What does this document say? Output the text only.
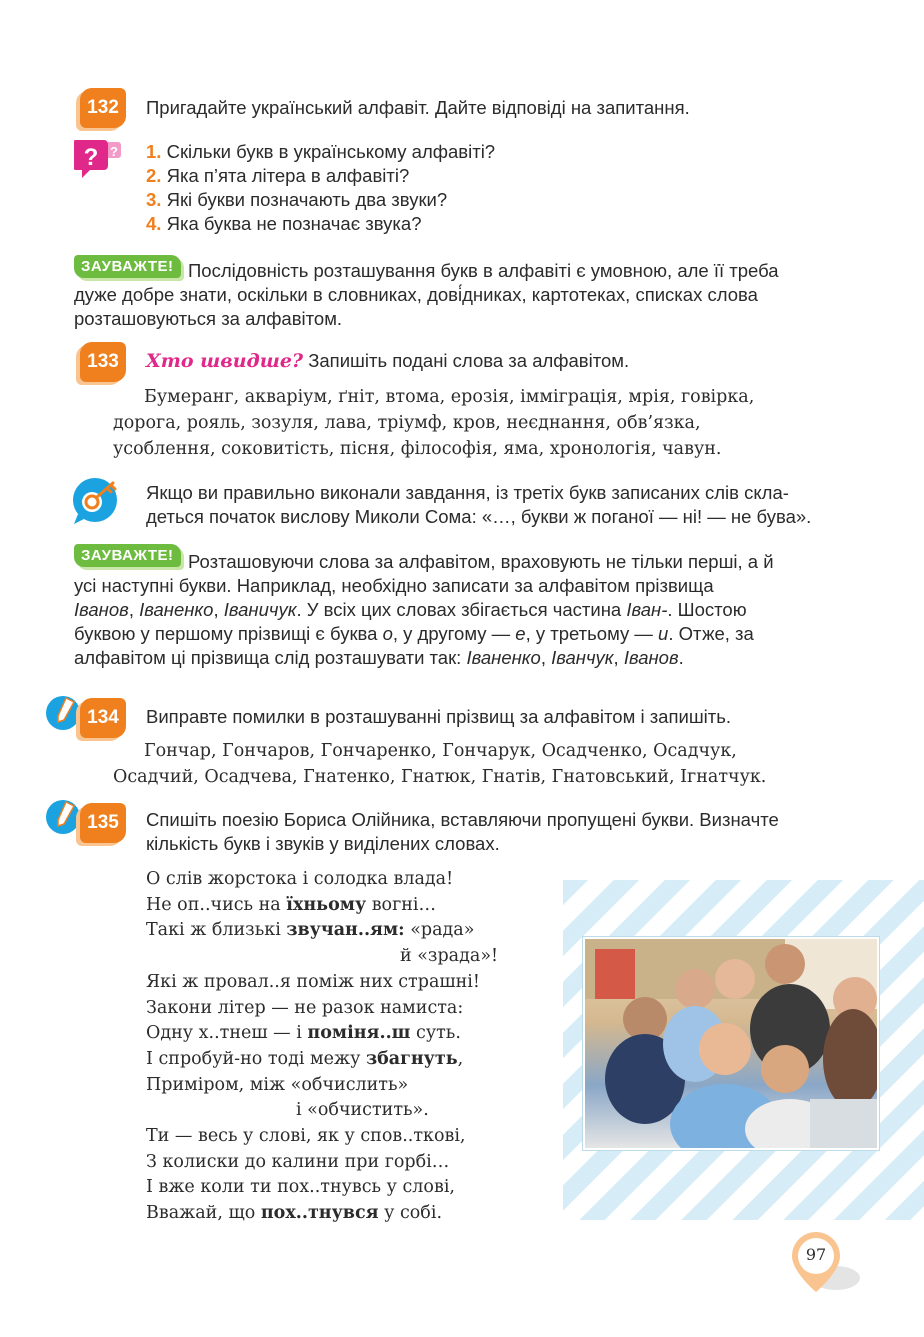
132 Пригадайте український алфавіт. Дайте відповіді на запитання.
? ? 1. Скільки букв в українському алфавіті?
2. Яка п’ята літера в алфавіті?
3. Які букви позначають два звуки?
4. Яка буква не позначає звука?
ЗАУВАЖТЕ! Послідовність розташування букв в алфавіті є умовною, але її треба
дуже добре знати, оскільки в словниках, дові́дниках, картотеках, списках слова
розташовуються за алфавітом.
133 Хто швидше? Запишіть подані слова за алфавітом.
Бумеранг, акваріум, ґніт, втома, ерозія, імміграція, мрія, говірка,
дорога, рояль, зозуля, лава, тріумф, кров, неєднання, обв’язка,
усоблення, соковитість, пісня, філософія, яма, хронологія, чавун.
Якщо ви правильно виконали завдання, із третіх букв записаних слів скла-
деться початок вислову Миколи Сома: «…, букви ж поганої — ні! — не бува».
ЗАУВАЖТЕ! Розташовуючи слова за алфавітом, враховують не тільки перші, а й
усі наступні букви. Наприклад, необхідно записати за алфавітом прізвища
Іванов, Іваненко, Іваничук. У всіх цих словах збігається частина Іван-. Шостою
буквою у першому прізвищі є буква о, у другому — е, у третьому — и. Отже, за
алфавітом ці прізвища слід розташувати так: Іваненко, Іванчук, Іванов.
134 Виправте помилки в розташуванні прізвищ за алфавітом і запишіть.
Гончар, Гончаров, Гончаренко, Гончарук, Осадченко, Осадчук,
Осадчий, Осадчева, Гнатенко, Гнатюк, Гнатів, Гнатовський, Ігнатчук.
135 Спишіть поезію Бориса Олійника, вставляючи пропущені букви. Визначте
кількість букв і звуків у виділених словах.
О слів жорстока і солодка влада!
Не оп..чись на їхньому вогні…
Такі ж близькі звучан..ям: «рада»
й «зрада»!
Які ж провал..я поміж них страшні!
Закони літер — не разок намиста:
Одну х..тнеш — і поміня..ш суть.
І спробуй-но тоді межу збагнуть,
Приміром, між «обчислить»
і «обчистить».
Ти — весь у слові, як у спов..ткові,
З колиски до калини при горбі…
І вже коли ти пох..тнувсь у слові,
Вважай, що пох..тнувся у собі.
97
